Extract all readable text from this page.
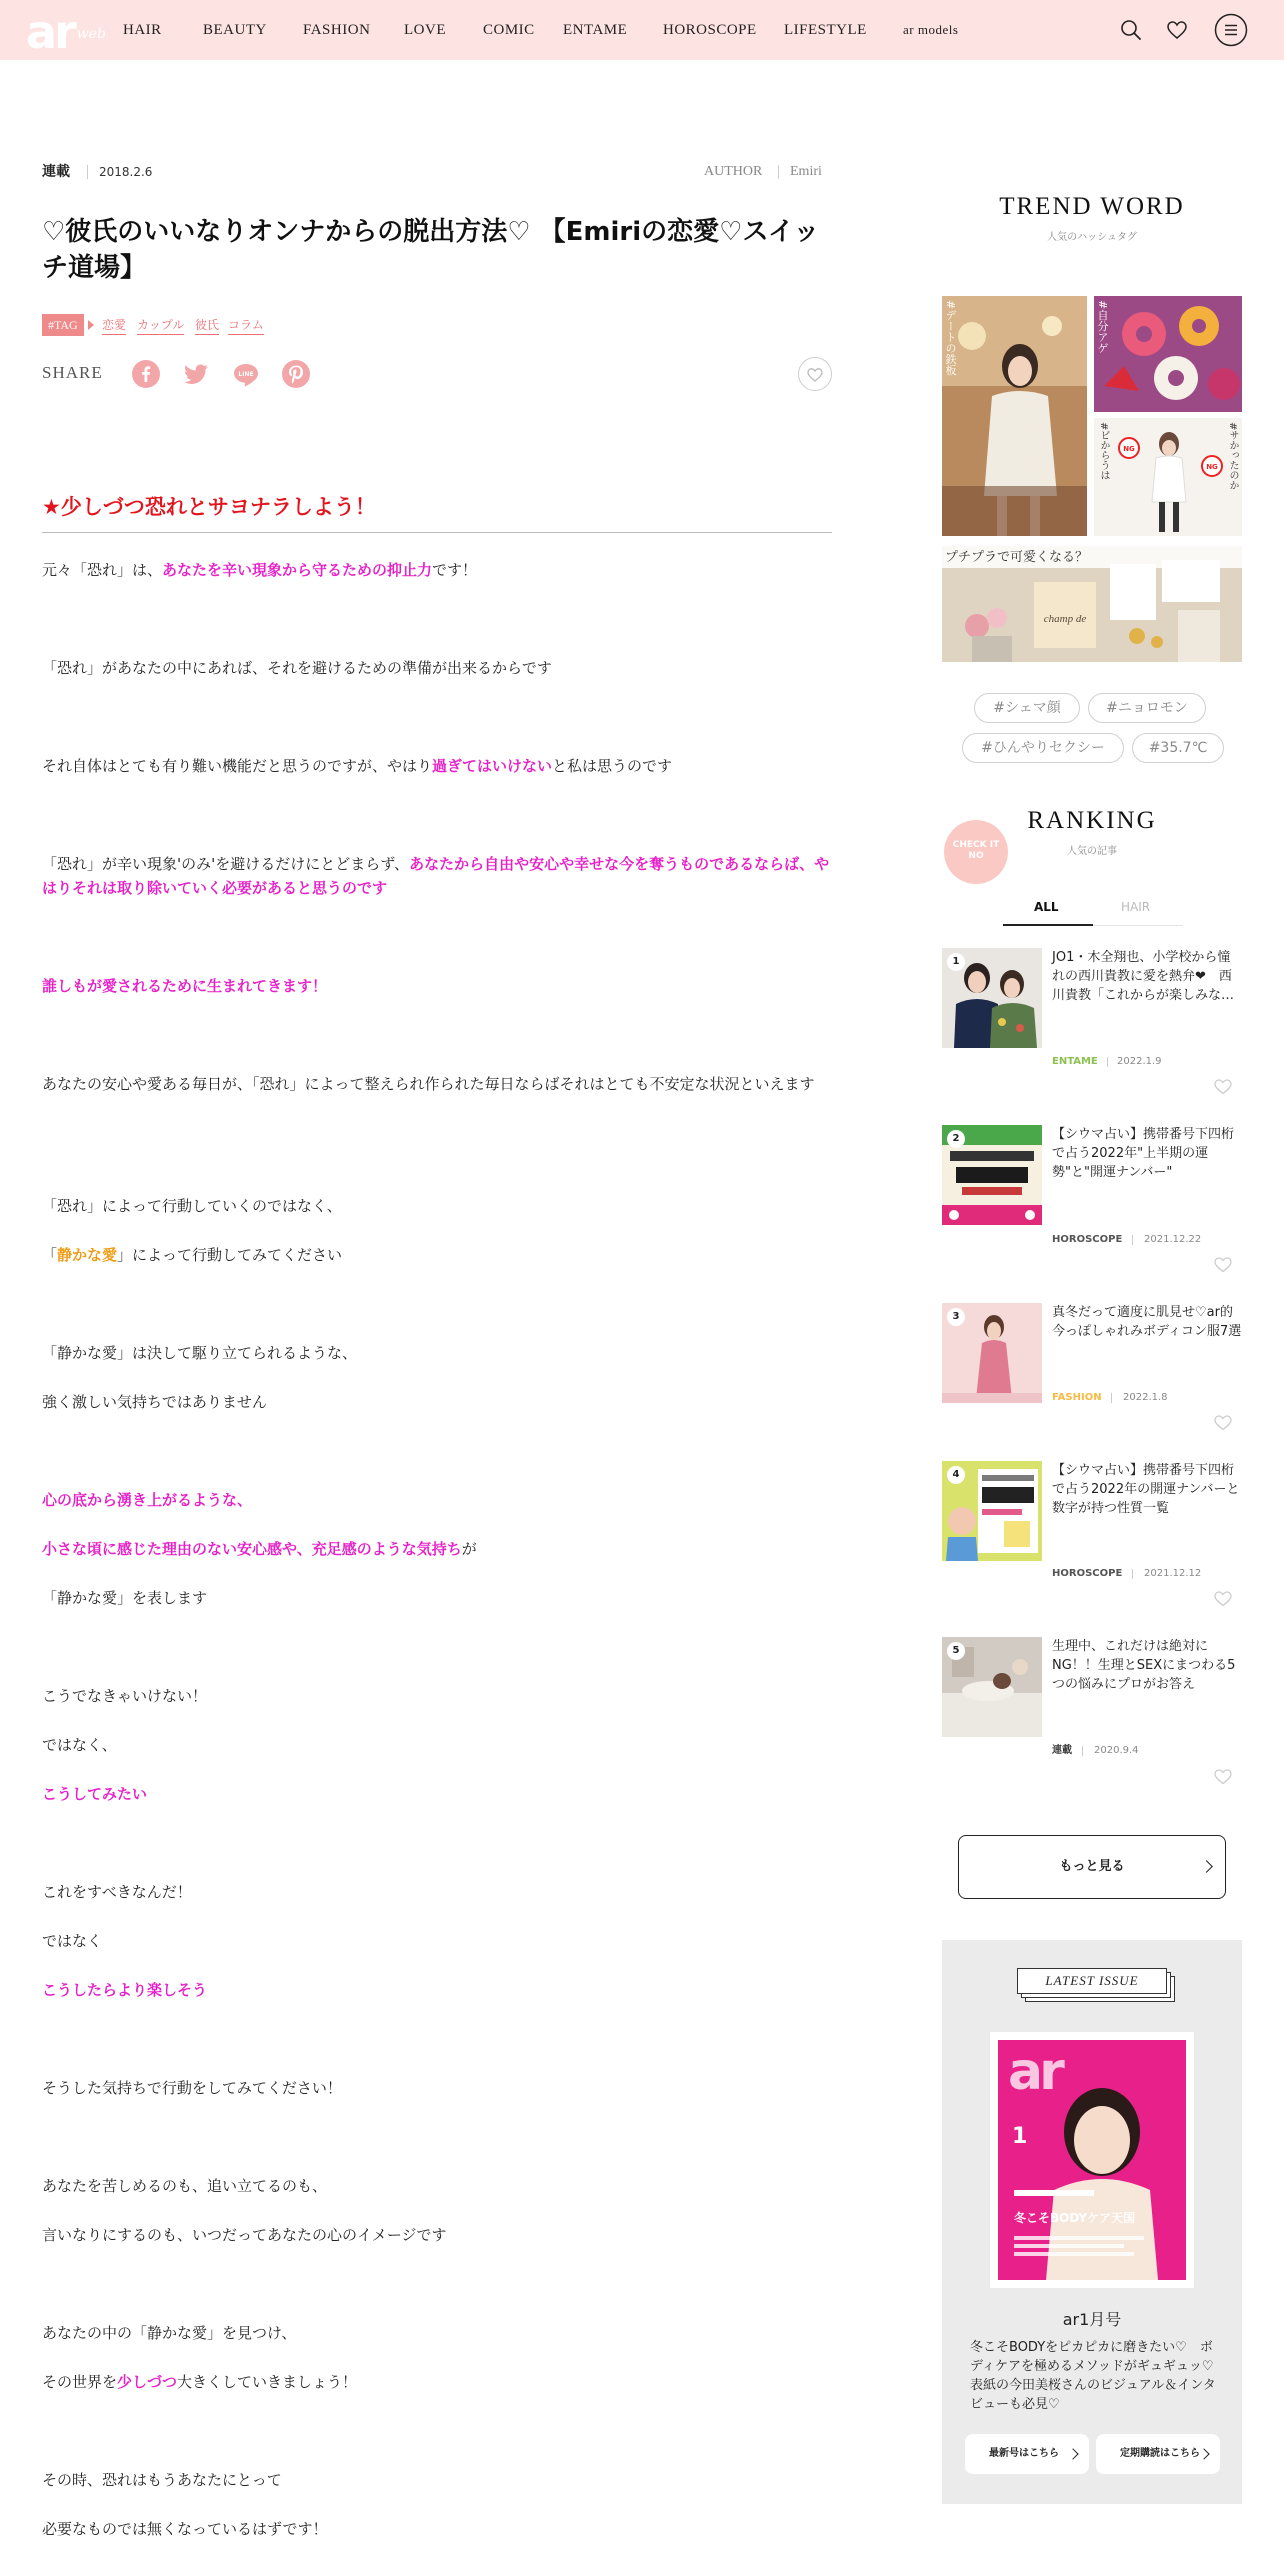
ar web HAIR	BEAUTY FASHION LOVE COMIC ENTAME HOROSCOPE LIFESTYLE	ar models
連載 2018.2.6	AUTHOR Emiri
♡彼氏のいいなりオンナからの脱出方法♡ 【Emiriの恋愛♡スイッチ道場】
#TAG	恋愛 カップル 彼氏 コラム
SHARE	LINE
★少しづつ恐れとサヨナラしよう！
元々「恐れ」は、あなたを辛い現象から守るための抑止力です！
「恐れ」があなたの中にあれば、それを避けるための準備が出来るからです
それ自体はとても有り難い機能だと思うのですが、やはり過ぎてはいけないと私は思うのです
「恐れ」が辛い現象'のみ'を避けるだけにとどまらず、あなたから自由や安心や幸せな今を奪うものであるならば、やはりそれは取り除いていく必要があると思うのです
誰しもが愛されるために生まれてきます！
あなたの安心や愛ある毎日が、「恐れ」によって整えられ作られた毎日ならばそれはとても不安定な状況といえます
「恐れ」によって行動していくのではなく、
「静かな愛」によって行動してみてください
「静かな愛」は決して駆り立てられるような、
強く激しい気持ちではありません
心の底から湧き上がるような、
小さな頃に感じた理由のない安心感や、充足感のような気持ちが
「静かな愛」を表します
こうでなきゃいけない！
ではなく、
こうしてみたい
これをすべきなんだ！
ではなく
こうしたらより楽しそう
そうした気持ちで行動をしてみてください！
あなたを苦しめるのも、追い立てるのも、
言いなりにするのも、いつだってあなたの心のイメージです
あなたの中の「静かな愛」を見つけ、
その世界を少しづつ大きくしていきましょう！
その時、恐れはもうあなたにとって
必要なものでは無くなっているはずです！
TREND WORD
人気のハッシュタグ
#デートの鉄板	#自分アゲ
NG
NG
#ビからうは	#サかったのか
champ de
プチプラで可愛くなる？
#シェマ顔	#ニョロモン
#ひんやりセクシー	#35.7℃
CHECK IT NO
RANKING
人気の記事
ALL	HAIR
1	JO1・木全翔也、小学校から憧れの西川貴教に愛を熱弁❤　西川貴教「これからが楽しみな…
ENTAME 2022.1.9
2	【シウマ占い】携帯番号下四桁で占う2022年"上半期の運勢"と"開運ナンバー"
HOROSCOPE 2021.12.22
3	真冬だって適度に肌見せ♡ar的今っぽしゃれみボディコン服7選
FASHION 2022.1.8
4	【シウマ占い】携帯番号下四桁で占う2022年の開運ナンバーと数字が持つ性質一覧
HOROSCOPE 2021.12.12
5	生理中、これだけは絶対にNG！！生理とSEXにまつわる5つの悩みにプロがお答え
連載 2020.9.4
もっと見る
LATEST ISSUE
ar
1
冬こそBODYケア天国
ar1月号
冬こそBODYをピカピカに磨きたい♡　ボディケアを極めるメソッドがギュギュッ♡ 表紙の今田美桜さんのビジュアル＆インタビューも必見♡
最新号はこちら	定期購読はこちら
